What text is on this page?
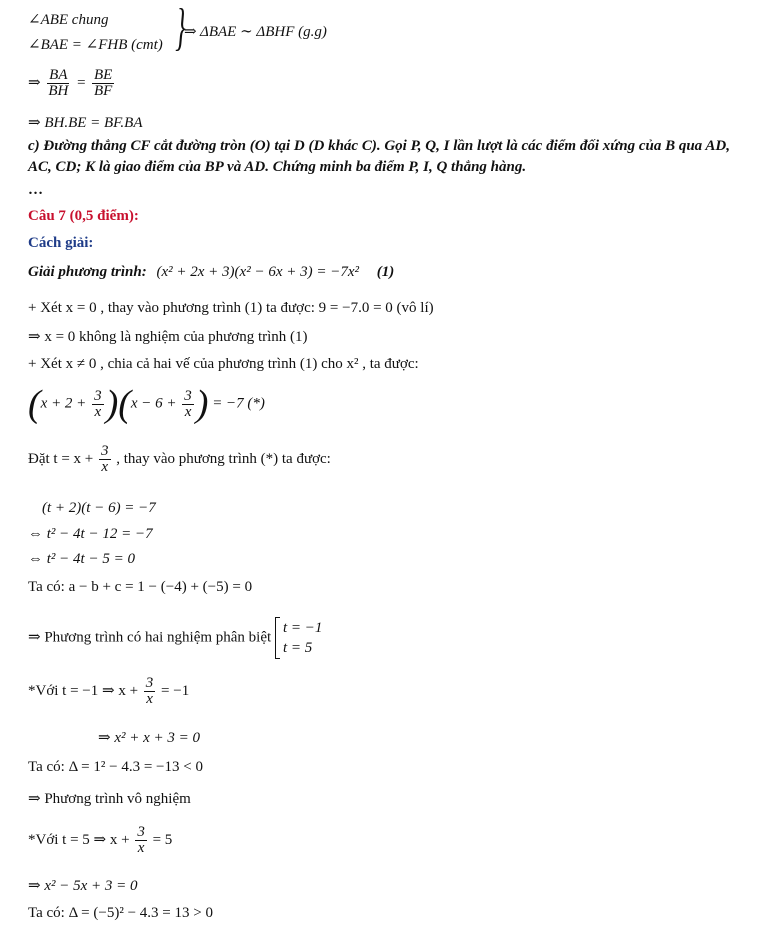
∠ABE chung
∠BAE = ∠FHB (cmt) }
⇒ ΔBAE ∼ ΔBHF (g.g)
⇒ $\frac{BA}{BH} = \frac{BE}{BF}$
⇒ BH.BE = BF.BA
c) Đường thẳng CF cắt đường tròn (O) tại D (D khác C). Gọi P, Q, I lần lượt là các điểm đối xứng của B qua AD, AC, CD; K là giao điểm của BP và AD. Chứng minh ba điểm P, I, Q thẳng hàng.
…
Câu 7 (0,5 điểm):
Cách giải:
Giải phương trình: (x² + 2x + 3)(x² − 6x + 3) = −7x² (1)
+ Xét x = 0 , thay vào phương trình (1) ta được: 9 = −7.0 = 0 (vô lí)
⇒ x = 0 không là nghiệm của phương trình (1)
+ Xét x ≠ 0 , chia cả hai vế của phương trình (1) cho x² , ta được:
$(x + 2 + \frac{3}{x} )(x - 6 + \frac{3}{x}$ ) = −7 (*)
Đặt $t = x + \frac{3}{x}$ , thay vào phương trình (*) ta được:
(t + 2)(t − 6) = −7
⇔ t² − 4t − 12 = −7
⇔ t² − 4t − 5 = 0
Ta có: a − b + c = 1 − (−4) + (−5) = 0
⇒ Phương trình có hai nghiệm phân biệt
t = −1
t = 5
*Với t = −1 ⇒ $x + \frac{3}{x} = -1$
⇒ x² + x + 3 = 0
Ta có: Δ = 1² − 4.3 = −13 < 0
⇒ Phương trình vô nghiệm
*Với t = 5 ⇒ $x + \frac{3}{x} = 5$
⇒ x² − 5x + 3 = 0
Ta có: Δ = (−5)² − 4.3 = 13 > 0
